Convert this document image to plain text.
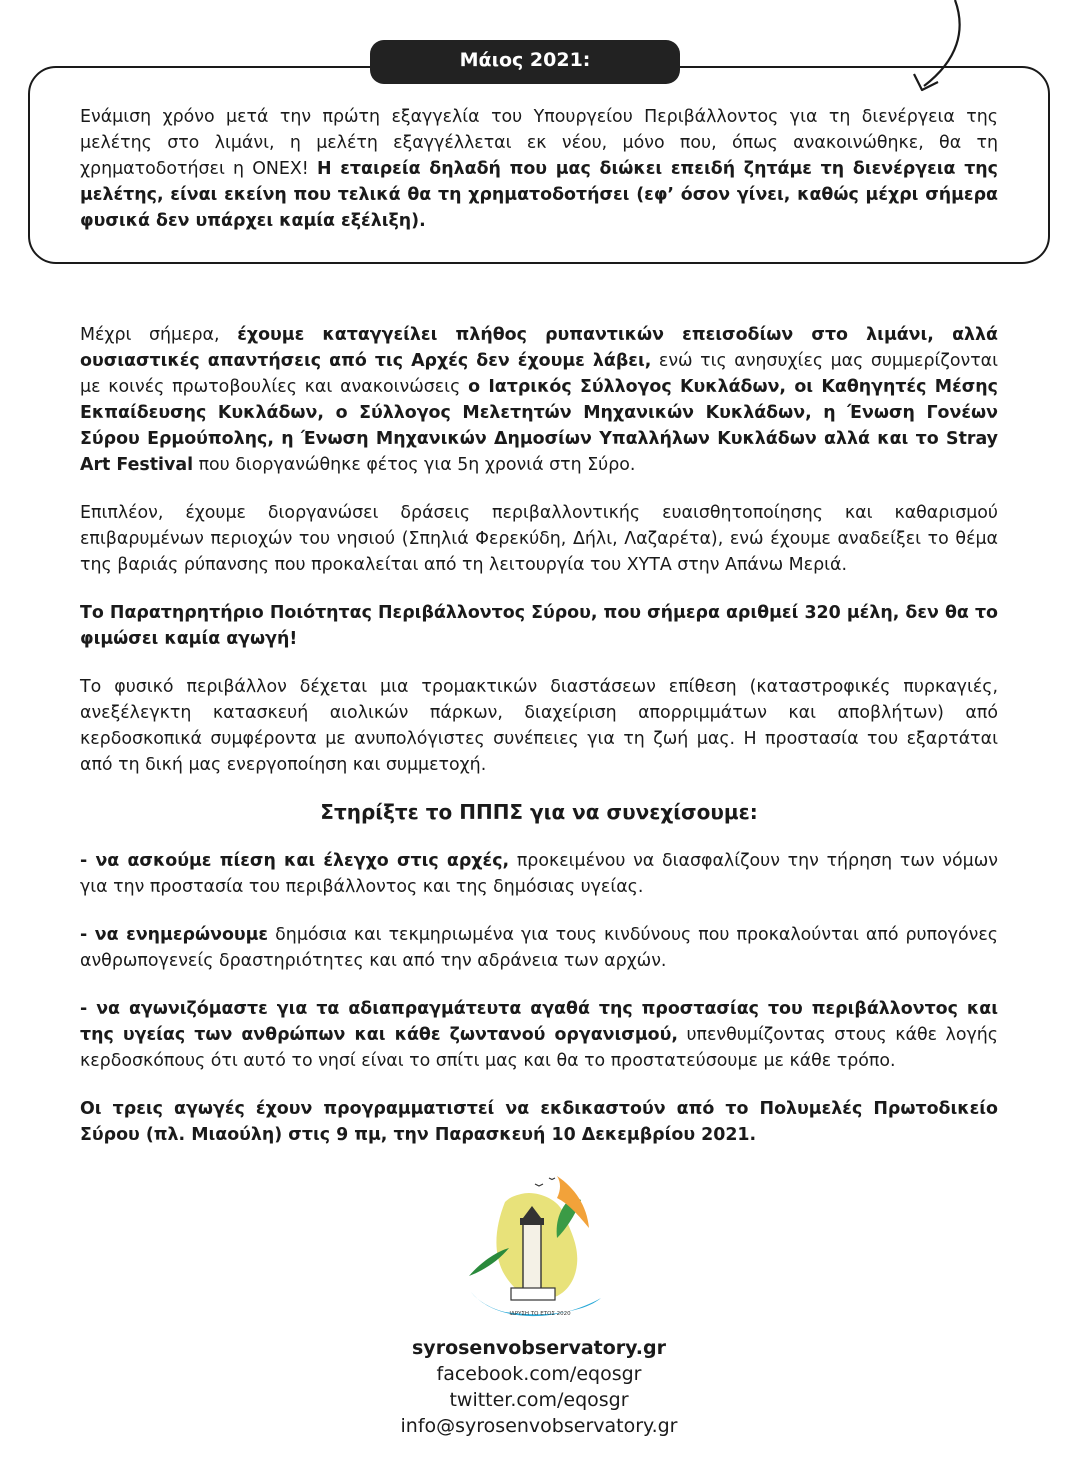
Μάιος 2021:

Ενάμιση χρόνο μετά την πρώτη εξαγγελία του Υπουργείου Περιβάλλοντος για τη διενέργεια της μελέτης στο λιμάνι, η μελέτη εξαγγέλλεται εκ νέου, μόνο που, όπως ανακοινώθηκε, θα τη χρηματοδοτήσει η ΟΝΕΧ! Η εταιρεία δηλαδή που μας διώκει επειδή ζητάμε τη διενέργεια της μελέτης, είναι εκείνη που τελικά θα τη χρηματοδοτήσει (εφ’ όσον γίνει, καθώς μέχρι σήμερα φυσικά δεν υπάρχει καμία εξέλιξη).

Μέχρι σήμερα, έχουμε καταγγείλει πλήθος ρυπαντικών επεισοδίων στο λιμάνι, αλλά ουσιαστικές απαντήσεις από τις Αρχές δεν έχουμε λάβει, ενώ τις ανησυχίες μας συμμερίζονται με κοινές πρωτοβουλίες και ανακοινώσεις ο Ιατρικός Σύλλογος Κυκλάδων, οι Καθηγητές Μέσης Εκπαίδευσης Κυκλάδων, ο Σύλλογος Μελετητών Μηχανικών Κυκλάδων, η Ένωση Γονέων Σύρου Ερμούπολης, η Ένωση Μηχανικών Δημοσίων Υπαλλήλων Κυκλάδων αλλά και το Stray Art Festival που διοργανώθηκε φέτος για 5η χρονιά στη Σύρο.

Επιπλέον, έχουμε διοργανώσει δράσεις περιβαλλοντικής ευαισθητοποίησης και καθαρισμού επιβαρυμένων περιοχών του νησιού (Σπηλιά Φερεκύδη, Δήλι, Λαζαρέτα), ενώ έχουμε αναδείξει το θέμα της βαριάς ρύπανσης που προκαλείται από τη λειτουργία του ΧΥΤΑ στην Απάνω Μεριά.

Το Παρατηρητήριο Ποιότητας Περιβάλλοντος Σύρου, που σήμερα αριθμεί 320 μέλη, δεν θα το φιμώσει καμία αγωγή!

Το φυσικό περιβάλλον δέχεται μια τρομακτικών διαστάσεων επίθεση (καταστροφικές πυρκαγιές, ανεξέλεγκτη κατασκευή αιολικών πάρκων, διαχείριση απορριμμάτων και αποβλήτων) από κερδοσκοπικά συμφέροντα με ανυπολόγιστες συνέπειες για τη ζωή μας. Η προστασία του εξαρτάται από τη δική μας ενεργοποίηση και συμμετοχή.

Στηρίξτε το ΠΠΠΣ για να συνεχίσουμε:

- να ασκούμε πίεση και έλεγχο στις αρχές, προκειμένου να διασφαλίζουν την τήρηση των νόμων για την προστασία του περιβάλλοντος και της δημόσιας υγείας.

- να ενημερώνουμε δημόσια και τεκμηριωμένα για τους κινδύνους που προκαλούνται από ρυπογόνες ανθρωπογενείς δραστηριότητες και από την αδράνεια των αρχών.

- να αγωνιζόμαστε για τα αδιαπραγμάτευτα αγαθά της προστασίας του περιβάλλοντος και της υγείας των ανθρώπων και κάθε ζωντανού οργανισμού, υπενθυμίζοντας στους κάθε λογής κερδοσκόπους ότι αυτό το νησί είναι το σπίτι μας και θα το προστατεύσουμε με κάθε τρόπο.

Οι τρεις αγωγές έχουν προγραμματιστεί να εκδικαστούν από το Πολυμελές Πρωτοδικείο Σύρου (πλ. Μιαούλη) στις 9 πμ, την Παρασκευή 10 Δεκεμβρίου 2021.

ΙΔΡΥΣΗ ΤΟ ΕΤΟΣ 2020
syrosenvobservatory.gr
facebook.com/eqosgr
twitter.com/eqosgr
info@syrosenvobservatory.gr
